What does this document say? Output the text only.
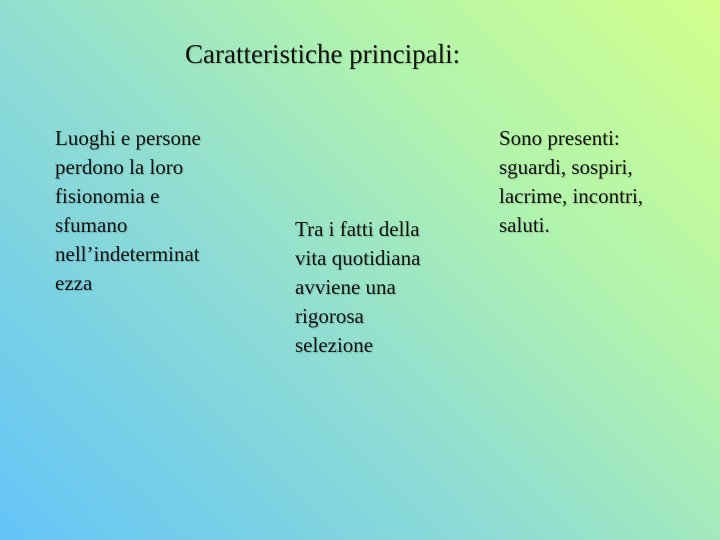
Caratteristiche principali:
Luoghi e persone
perdono la loro
fisionomia e
sfumano
nell’indeterminat
ezza
Tra i fatti della
vita quotidiana
avviene una
rigorosa
selezione
Sono presenti:
sguardi, sospiri,
lacrime, incontri,
saluti.
